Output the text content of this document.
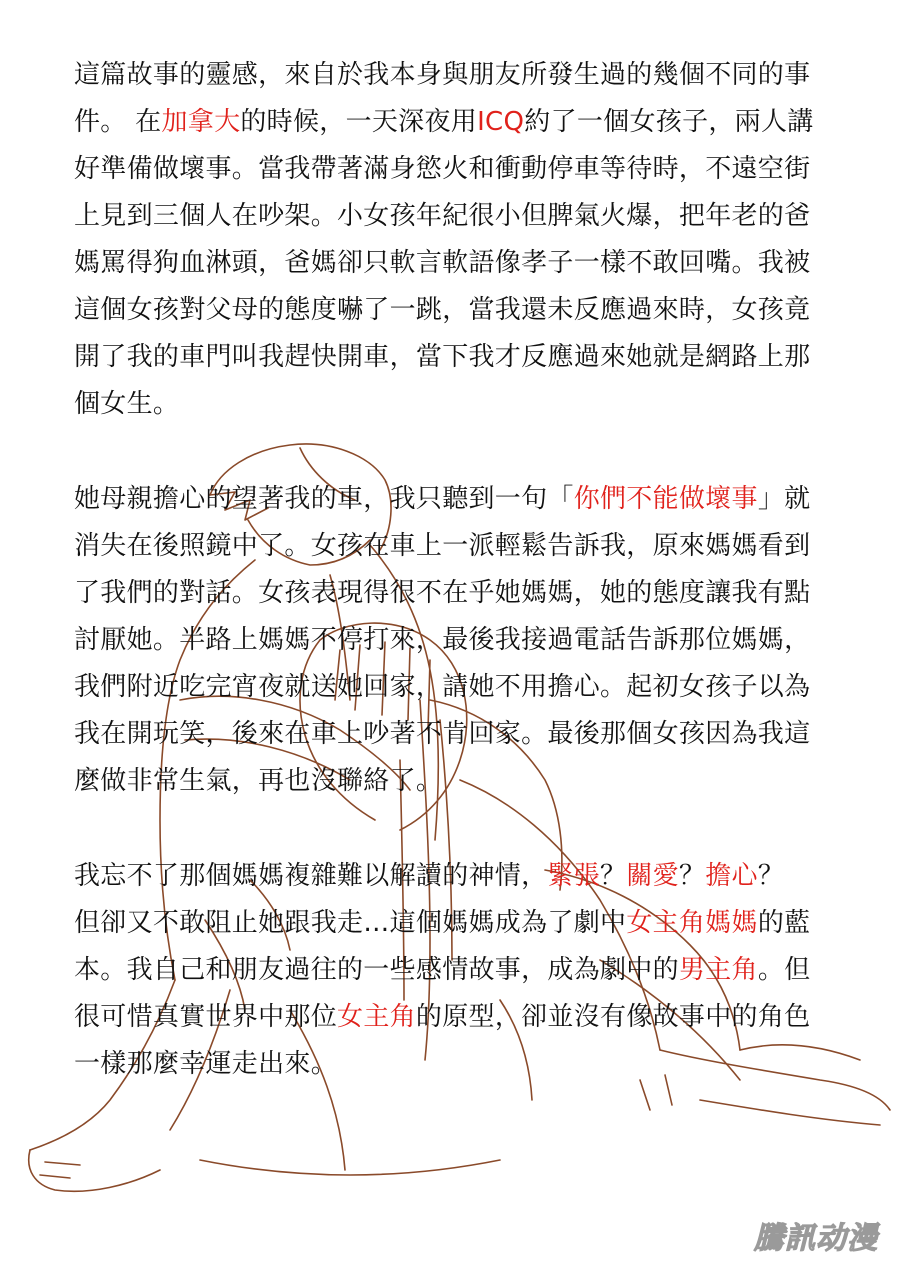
這篇故事的靈感，來自於我本身與朋友所發生過的幾個不同的事
件。 在加拿大的時候，一天深夜用ICQ約了一個女孩子，兩人講
好準備做壞事。當我帶著滿身慾火和衝動停車等待時，不遠空街
上見到三個人在吵架。小女孩年紀很小但脾氣火爆，把年老的爸
媽罵得狗血淋頭，爸媽卻只軟言軟語像孝子一樣不敢回嘴。我被
這個女孩對父母的態度嚇了一跳，當我還未反應過來時，女孩竟
開了我的車門叫我趕快開車，當下我才反應過來她就是網路上那
個女生。
她母親擔心的望著我的車，我只聽到一句「你們不能做壞事」就
消失在後照鏡中了。女孩在車上一派輕鬆告訴我，原來媽媽看到
了我們的對話。女孩表現得很不在乎她媽媽，她的態度讓我有點
討厭她。半路上媽媽不停打來，最後我接過電話告訴那位媽媽，
我們附近吃完宵夜就送她回家，請她不用擔心。起初女孩子以為
我在開玩笑，後來在車上吵著不肯回家。最後那個女孩因為我這
麼做非常生氣，再也沒聯絡了。
我忘不了那個媽媽複雜難以解讀的神情，緊張？關愛？擔心？
但卻又不敢阻止她跟我走…這個媽媽成為了劇中女主角媽媽的藍
本。我自己和朋友過往的一些感情故事，成為劇中的男主角。但
很可惜真實世界中那位女主角的原型，卻並沒有像故事中的角色
一樣那麼幸運走出來。
騰訊动漫
